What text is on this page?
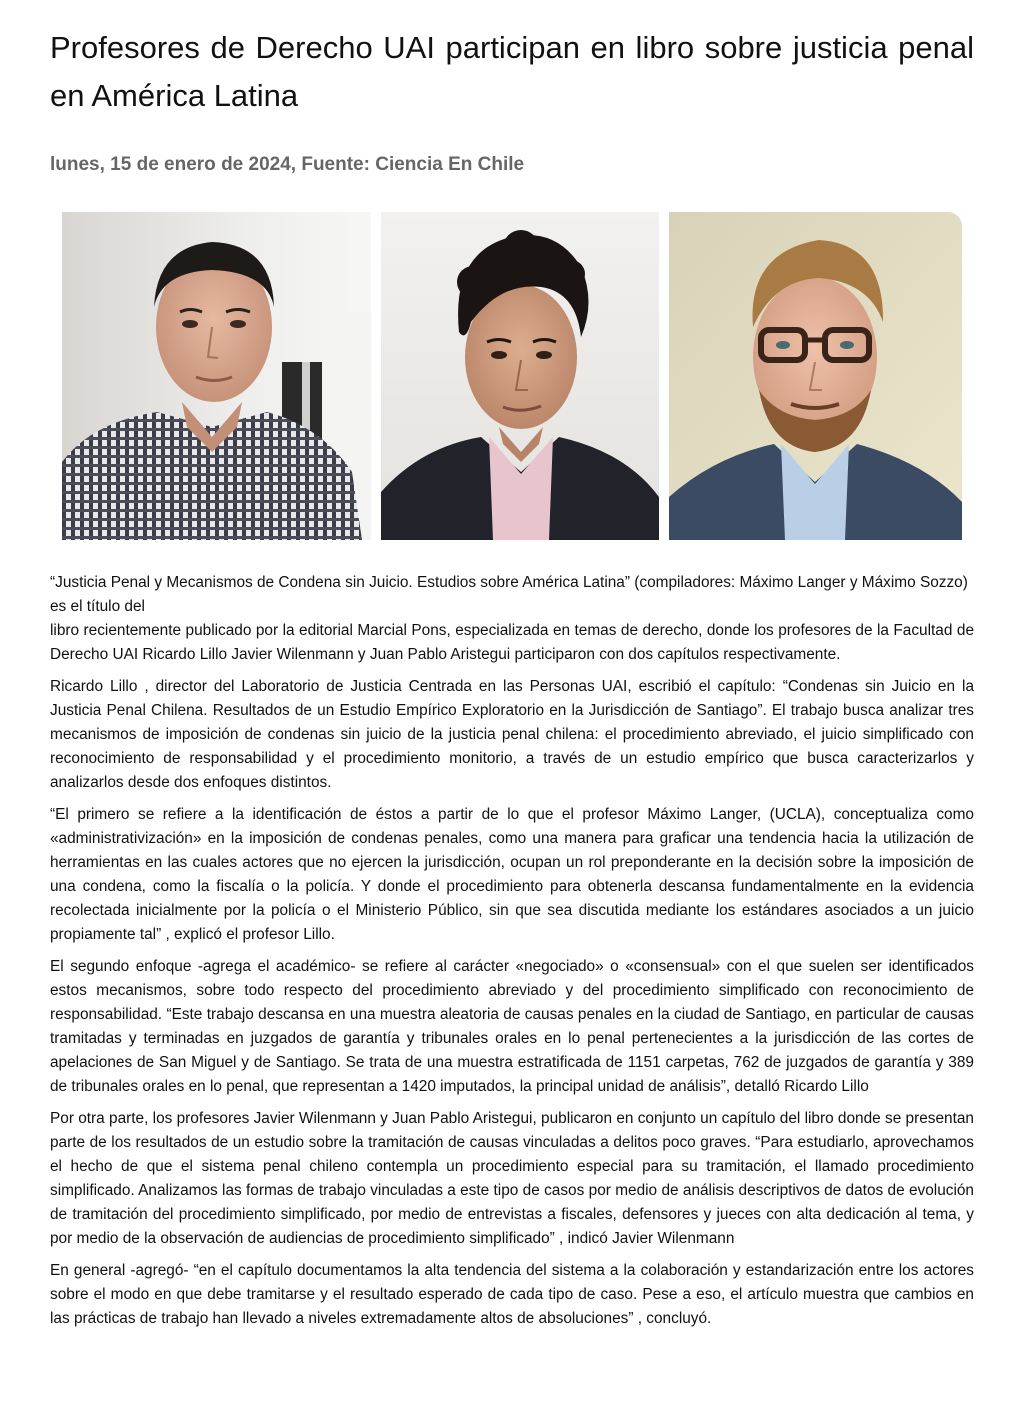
Profesores de Derecho UAI participan en libro sobre justicia penal en América Latina
lunes, 15 de enero de 2024, Fuente: Ciencia En Chile

“Justicia Penal y Mecanismos de Condena sin Juicio. Estudios sobre América Latina” (compiladores: Máximo Langer y Máximo Sozzo) es el título del

libro recientemente publicado por la editorial Marcial Pons, especializada en temas de derecho, donde los profesores de la Facultad de Derecho UAI Ricardo Lillo Javier Wilenmann y Juan Pablo Aristegui participaron con dos capítulos respectivamente.

Ricardo Lillo , director del Laboratorio de Justicia Centrada en las Personas UAI, escribió el capítulo: “Condenas sin Juicio en la Justicia Penal Chilena. Resultados de un Estudio Empírico Exploratorio en la Jurisdicción de Santiago”. El trabajo busca analizar tres mecanismos de imposición de condenas sin juicio de la justicia penal chilena: el procedimiento abreviado, el juicio simplificado con reconocimiento de responsabilidad y el procedimiento monitorio, a través de un estudio empírico que busca caracterizarlos y analizarlos desde dos enfoques distintos.

“El primero se refiere a la identificación de éstos a partir de lo que el profesor Máximo Langer, (UCLA), conceptualiza como «administrativización» en la imposición de condenas penales, como una manera para graficar una tendencia hacia la utilización de herramientas en las cuales actores que no ejercen la jurisdicción, ocupan un rol preponderante en la decisión sobre la imposición de una condena, como la fiscalía o la policía. Y donde el procedimiento para obtenerla descansa fundamentalmente en la evidencia recolectada inicialmente por la policía o el Ministerio Público, sin que sea discutida mediante los estándares asociados a un juicio propiamente tal” , explicó el profesor Lillo.

El segundo enfoque -agrega el académico- se refiere al carácter «negociado» o «consensual» con el que suelen ser identificados estos mecanismos, sobre todo respecto del procedimiento abreviado y del procedimiento simplificado con reconocimiento de responsabilidad. “Este trabajo descansa en una muestra aleatoria de causas penales en la ciudad de Santiago, en particular de causas tramitadas y terminadas en juzgados de garantía y tribunales orales en lo penal pertenecientes a la jurisdicción de las cortes de apelaciones de San Miguel y de Santiago. Se trata de una muestra estratificada de 1151 carpetas, 762 de juzgados de garantía y 389 de tribunales orales en lo penal, que representan a 1420 imputados, la principal unidad de análisis”, detalló Ricardo Lillo

Por otra parte, los profesores Javier Wilenmann y Juan Pablo Aristegui, publicaron en conjunto un capítulo del libro donde se presentan parte de los resultados de un estudio sobre la tramitación de causas vinculadas a delitos poco graves. “Para estudiarlo, aprovechamos el hecho de que el sistema penal chileno contempla un procedimiento especial para su tramitación, el llamado procedimiento simplificado. Analizamos las formas de trabajo vinculadas a este tipo de casos por medio de análisis descriptivos de datos de evolución de tramitación del procedimiento simplificado, por medio de entrevistas a fiscales, defensores y jueces con alta dedicación al tema, y por medio de la observación de audiencias de procedimiento simplificado” , indicó Javier Wilenmann

En general -agregó- “en el capítulo documentamos la alta tendencia del sistema a la colaboración y estandarización entre los actores sobre el modo en que debe tramitarse y el resultado esperado de cada tipo de caso. Pese a eso, el artículo muestra que cambios en las prácticas de trabajo han llevado a niveles extremadamente altos de absoluciones” , concluyó.
